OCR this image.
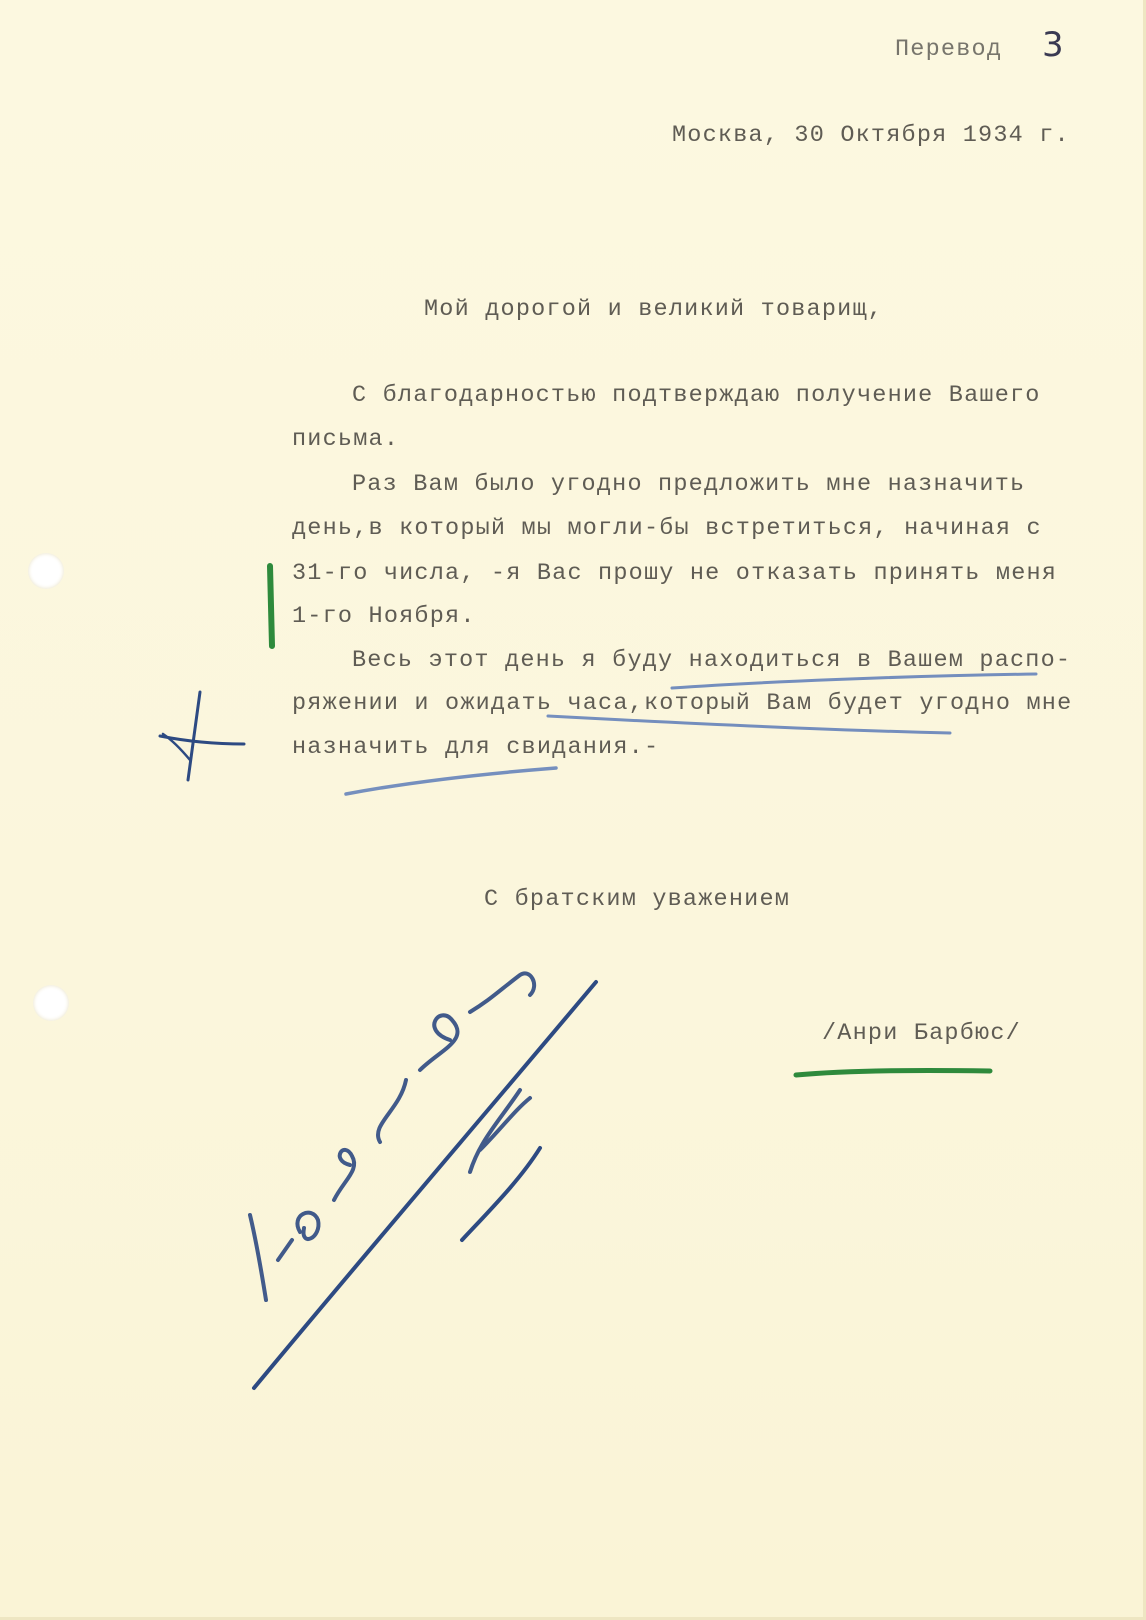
Перевод 3

Москва, 30 Октября 1934 г.

Мой дорогой и великий товарищ,

С благодарностью подтверждаю получение Вашего

письма.

Раз Вам было угодно предложить мне назначить

день,в который мы могли-бы встретиться, начиная с

31-го числа, -я Вас прошу не отказать принять меня

1-го Ноября.

Весь этот день я буду находиться в Вашем распо-

ряжении и ожидать часа,который Вам будет угодно мне

назначить для свидания.-

С братским уважением

/Анри Барбюс/
